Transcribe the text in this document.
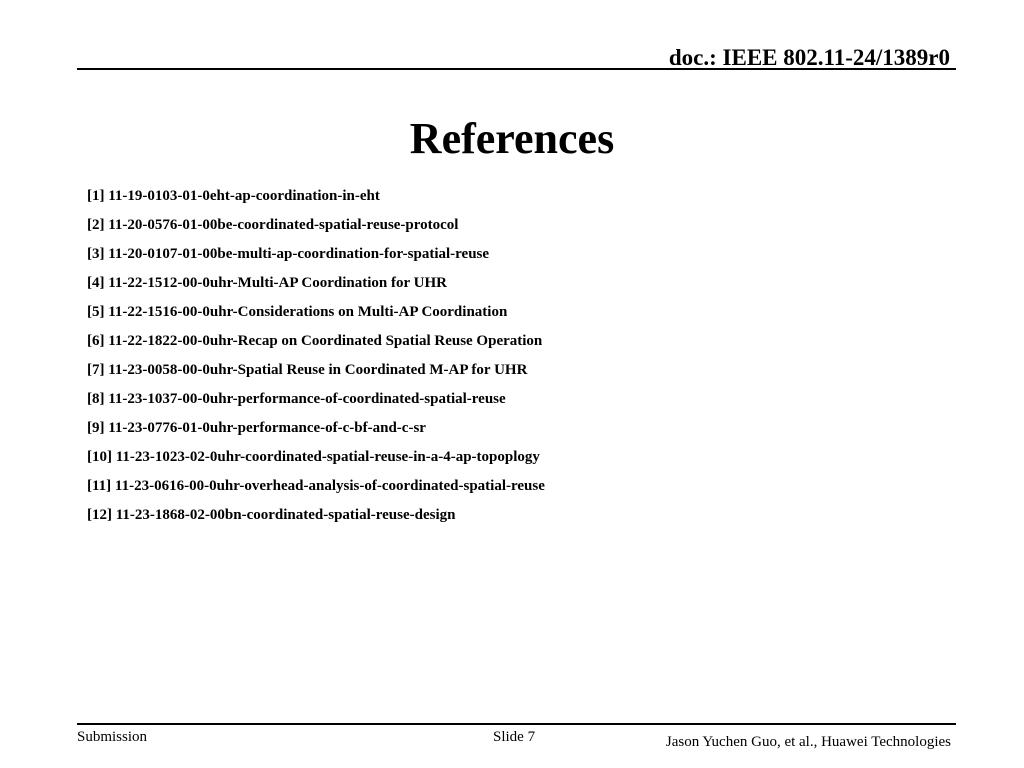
doc.: IEEE 802.11-24/1389r0
References
[1] 11-19-0103-01-0eht-ap-coordination-in-eht
[2] 11-20-0576-01-00be-coordinated-spatial-reuse-protocol
[3] 11-20-0107-01-00be-multi-ap-coordination-for-spatial-reuse
[4] 11-22-1512-00-0uhr-Multi-AP Coordination for UHR
[5] 11-22-1516-00-0uhr-Considerations on Multi-AP Coordination
[6] 11-22-1822-00-0uhr-Recap on Coordinated Spatial Reuse Operation
[7] 11-23-0058-00-0uhr-Spatial Reuse in Coordinated M-AP for UHR
[8] 11-23-1037-00-0uhr-performance-of-coordinated-spatial-reuse
[9] 11-23-0776-01-0uhr-performance-of-c-bf-and-c-sr
[10] 11-23-1023-02-0uhr-coordinated-spatial-reuse-in-a-4-ap-topoplogy
[11] 11-23-0616-00-0uhr-overhead-analysis-of-coordinated-spatial-reuse
[12] 11-23-1868-02-00bn-coordinated-spatial-reuse-design
Submission	Slide 7	Jason Yuchen Guo, et al., Huawei Technologies
